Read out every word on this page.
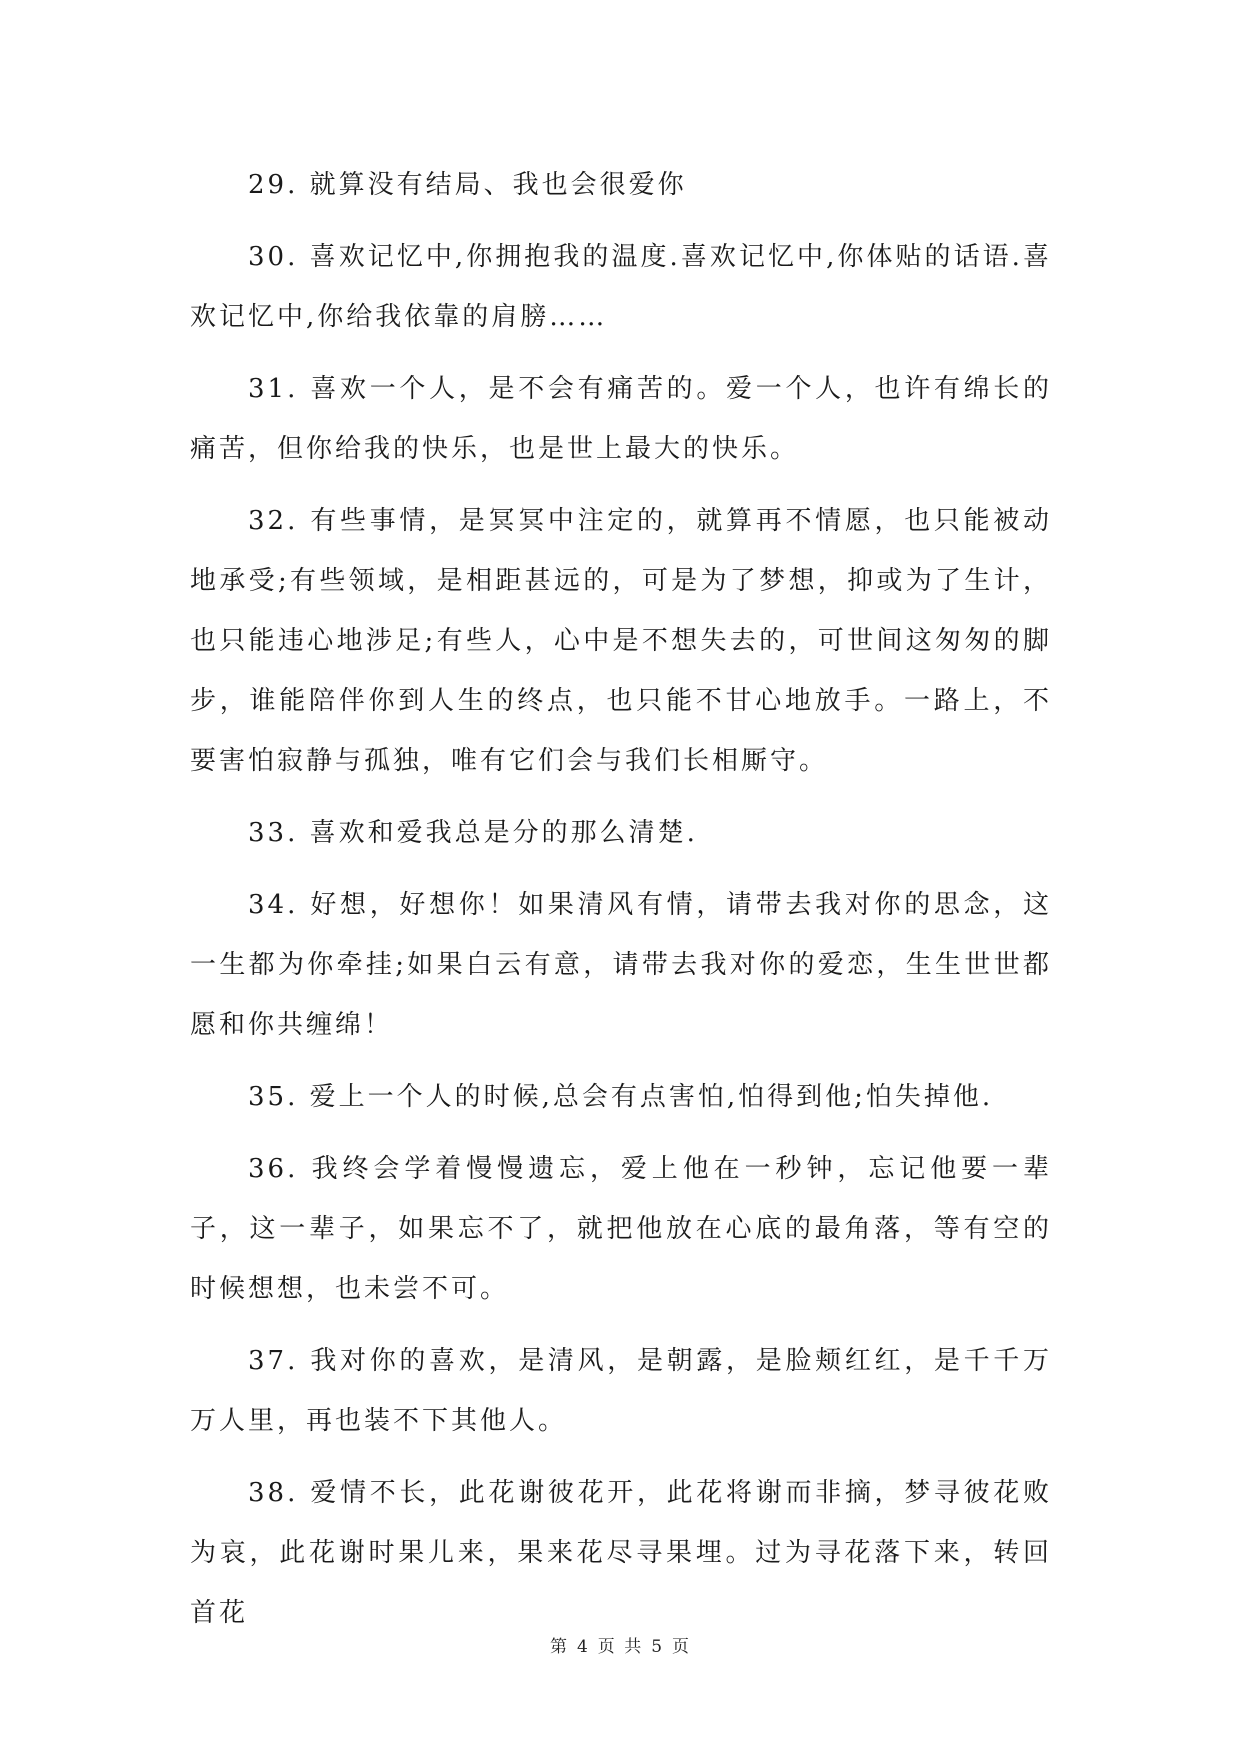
29. 就算没有结局、我也会很爱你

30. 喜欢记忆中,你拥抱我的温度.喜欢记忆中,你体贴的话语.喜欢记忆中,你给我依靠的肩膀……

31. 喜欢一个人，是不会有痛苦的。爱一个人，也许有绵长的痛苦，但你给我的快乐，也是世上最大的快乐。

32. 有些事情，是冥冥中注定的，就算再不情愿，也只能被动地承受;有些领域，是相距甚远的，可是为了梦想，抑或为了生计，也只能违心地涉足;有些人，心中是不想失去的，可世间这匆匆的脚步，谁能陪伴你到人生的终点，也只能不甘心地放手。一路上，不要害怕寂静与孤独，唯有它们会与我们长相厮守。

33. 喜欢和爱我总是分的那么清楚.

34. 好想，好想你！如果清风有情，请带去我对你的思念，这一生都为你牵挂;如果白云有意，请带去我对你的爱恋，生生世世都愿和你共缠绵！

35. 爱上一个人的时候,总会有点害怕,怕得到他;怕失掉他.

36. 我终会学着慢慢遗忘，爱上他在一秒钟，忘记他要一辈子，这一辈子，如果忘不了，就把他放在心底的最角落，等有空的时候想想，也未尝不可。

37. 我对你的喜欢，是清风，是朝露，是脸颊红红，是千千万万人里，再也装不下其他人。

38. 爱情不长，此花谢彼花开，此花将谢而非摘，梦寻彼花败为哀，此花谢时果儿来，果来花尽寻果埋。过为寻花落下来，转回首花

第 4 页 共 5 页
